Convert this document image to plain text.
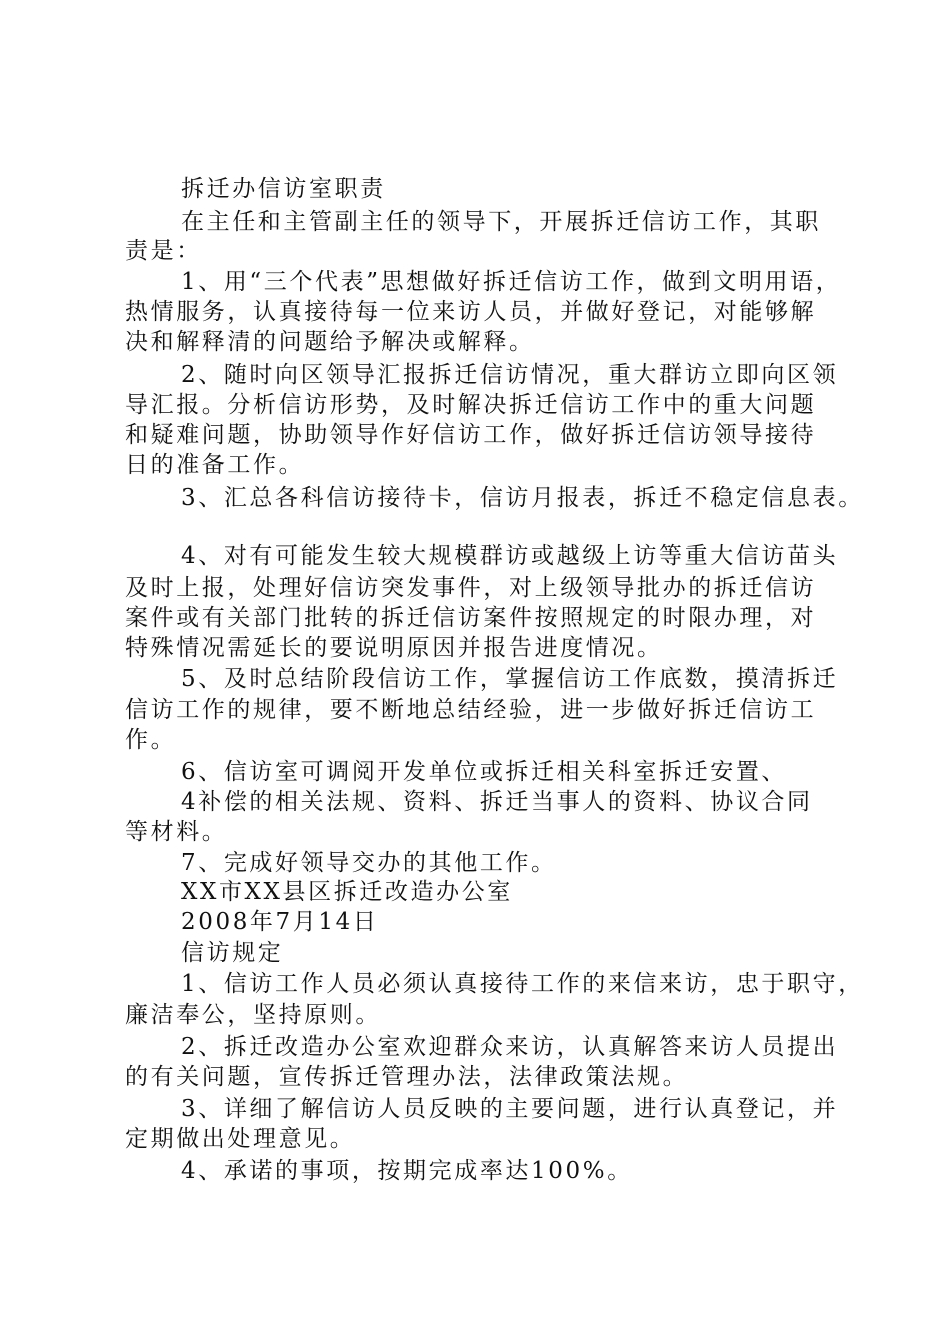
拆迁办信访室职责
在主任和主管副主任的领导下，开展拆迁信访工作，其职
责是：
1、用“三个代表”思想做好拆迁信访工作，做到文明用语，
热情服务，认真接待每一位来访人员，并做好登记，对能够解
决和解释清的问题给予解决或解释。
2、随时向区领导汇报拆迁信访情况，重大群访立即向区领
导汇报。分析信访形势，及时解决拆迁信访工作中的重大问题
和疑难问题，协助领导作好信访工作，做好拆迁信访领导接待
日的准备工作。
3、汇总各科信访接待卡，信访月报表，拆迁不稳定信息表。
4、对有可能发生较大规模群访或越级上访等重大信访苗头
及时上报，处理好信访突发事件，对上级领导批办的拆迁信访
案件或有关部门批转的拆迁信访案件按照规定的时限办理，对
特殊情况需延长的要说明原因并报告进度情况。
5、及时总结阶段信访工作，掌握信访工作底数，摸清拆迁
信访工作的规律，要不断地总结经验，进一步做好拆迁信访工
作。
6、信访室可调阅开发单位或拆迁相关科室拆迁安置、
4补偿的相关法规、资料、拆迁当事人的资料、协议合同
等材料。
7、完成好领导交办的其他工作。
XX市XX县区拆迁改造办公室
2008年7月14日
信访规定
1、信访工作人员必须认真接待工作的来信来访，忠于职守，
廉洁奉公，坚持原则。
2、拆迁改造办公室欢迎群众来访，认真解答来访人员提出
的有关问题，宣传拆迁管理办法，法律政策法规。
3、详细了解信访人员反映的主要问题，进行认真登记，并
定期做出处理意见。
4、承诺的事项，按期完成率达100%。
